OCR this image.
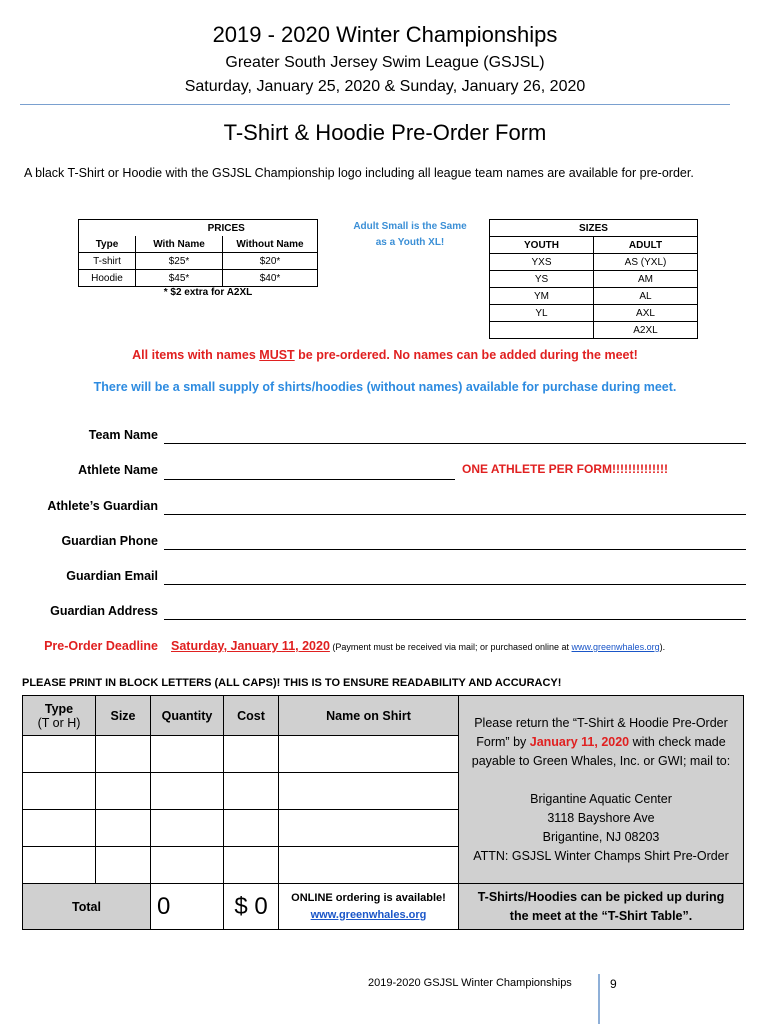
2019 - 2020 Winter Championships
Greater South Jersey Swim League (GSJSL)
Saturday, January 25, 2020 & Sunday, January 26, 2020
T-Shirt & Hoodie Pre-Order Form
A black T-Shirt or Hoodie with the GSJSL Championship logo including all league team names are available for pre-order.
	PRICES	
Type	With Name	Without Name
T-shirt	$25*	$20*
Hoodie	$45*	$40*
* $2 extra for A2XL
Adult Small is the Same as a Youth XL!
SIZES	
YOUTH	ADULT
YXS	AS (YXL)
YS	AM
YM	AL
YL	AXL
	A2XL
All items with names MUST be pre-ordered. No names can be added during the meet!
There will be a small supply of shirts/hoodies (without names) available for purchase during meet.
Team Name
Athlete Name	ONE ATHLETE PER FORM!!!!!!!!!!!!!!
Athlete’s Guardian
Guardian Phone
Guardian Email
Guardian Address
Pre-Order Deadline Saturday, January 11, 2020 (Payment must be received via mail; or purchased online at www.greenwhales.org).
PLEASE PRINT IN BLOCK LETTERS (ALL CAPS)! THIS IS TO ENSURE READABILITY AND ACCURACY!
Type
(T or H)	Size	Quantity	Cost	Name on Shirt	Please return the “T-Shirt & Hoodie Pre-Order Form” by January 11, 2020 with check made payable to Green Whales, Inc. or GWI; mail to:

Brigantine Aquatic Center
3118 Bayshore Ave
Brigantine, NJ 08203
ATTN: GSJSL Winter Champs Shirt Pre-Order

Total		0	$ 0	ONLINE ordering is available!
www.greenwhales.org	T-Shirts/Hoodies can be picked up during the meet at the “T-Shirt Table”.
2019-2020 GSJSL Winter Championships	9
